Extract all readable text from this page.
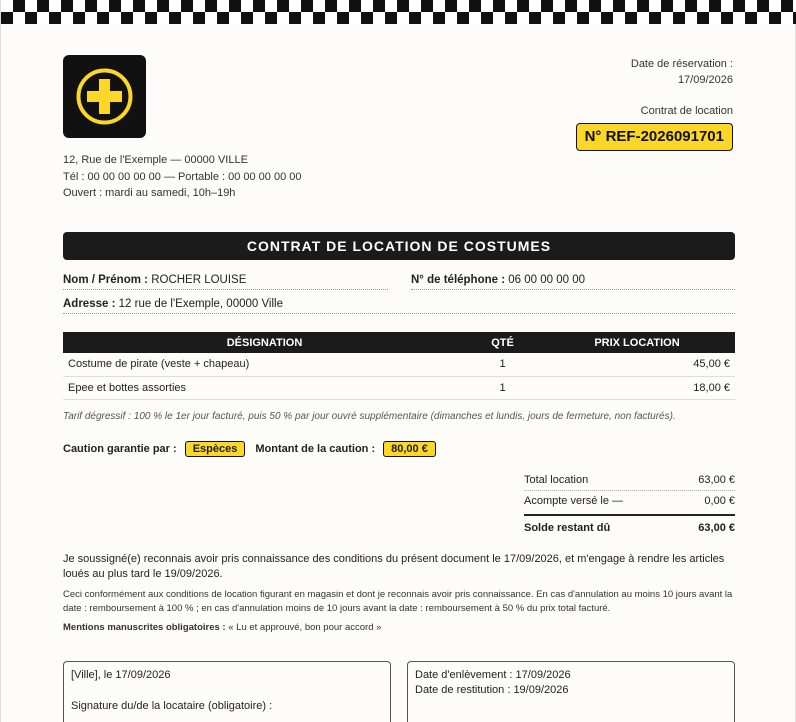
12, Rue de l'Exemple — 00000 VILLE
Tél : 00 00 00 00 00 — Portable : 00 00 00 00 00
Ouvert : mardi au samedi, 10h–19h
Date de réservation :
17/09/2026
Contrat de location
N° REF-2026091701
CONTRAT DE LOCATION DE COSTUMES
Nom / Prénom : ROCHER LOUISE	N° de téléphone : 06 00 00 00 00
Adresse : 12 rue de l'Exemple, 00000 Ville
DÉSIGNATION	QTÉ	PRIX LOCATION
Costume de pirate (veste + chapeau)	1	45,00 €
Epee et bottes assorties	1	18,00 €
Tarif dégressif : 100 % le 1er jour facturé, puis 50 % par jour ouvré supplémentaire (dimanches et lundis, jours de fermeture, non facturés).
Caution garantie par :	Espèces	Montant de la caution :	80,00 €
Total location	63,00 €
Acompte versé le —	0,00 €
Solde restant dû	63,00 €
Je soussigné(e) reconnais avoir pris connaissance des conditions du présent document le 17/09/2026, et m'engage à rendre les articles loués au plus tard le 19/09/2026.
Ceci conformément aux conditions de location figurant en magasin et dont je reconnais avoir pris connaissance. En cas d'annulation au moins 10 jours avant la date : remboursement à 100 % ; en cas d'annulation moins de 10 jours avant la date : remboursement à 50 % du prix total facturé.
Mentions manuscrites obligatoires : « Lu et approuvé, bon pour accord »
[Ville], le 17/09/2026
Signature du/de la locataire (obligatoire) :
Date d'enlèvement : 17/09/2026
Date de restitution : 19/09/2026
